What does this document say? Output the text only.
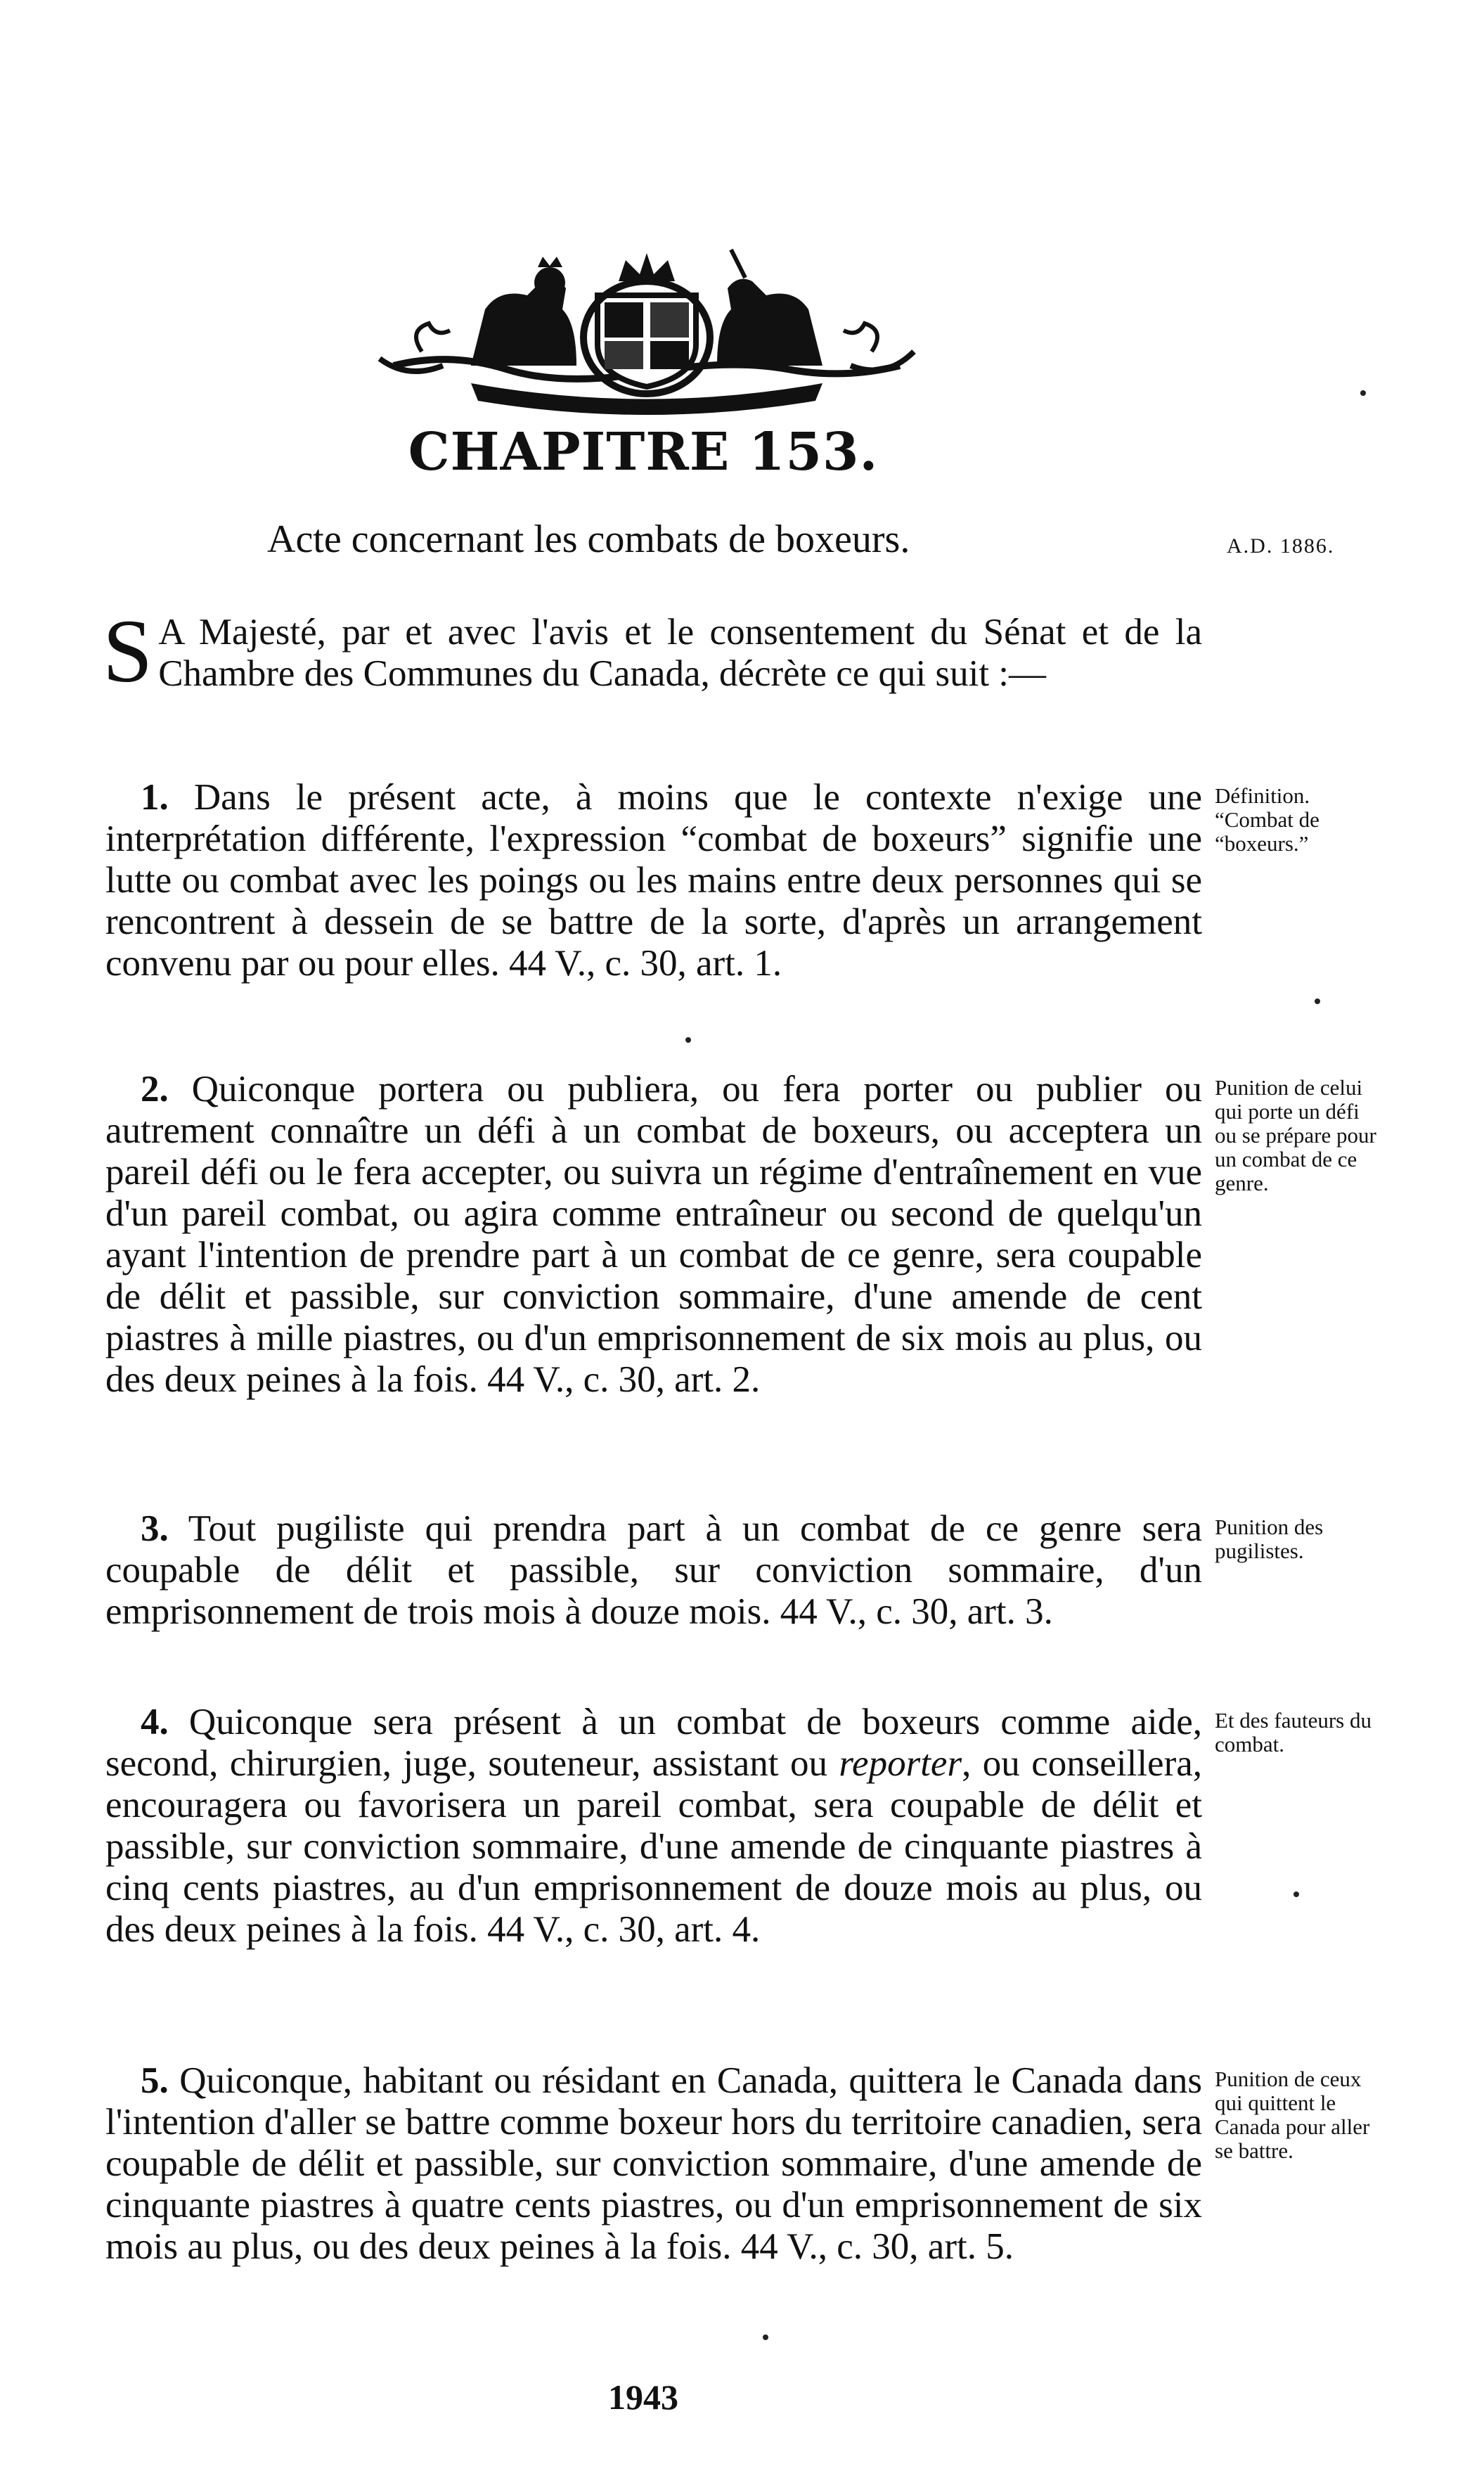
CHAPITRE 153.
Acte concernant les combats de boxeurs.	A.D. 1886.
S A Majesté, par et avec l'avis et le consentement du Sénat et de la Chambre des Communes du Canada, décrète ce qui suit :—
1. Dans le présent acte, à moins que le contexte n'exige une interprétation différente, l'expression “combat de boxeurs” signifie une lutte ou combat avec les poings ou les mains entre deux personnes qui se rencontrent à dessein de se battre de la sorte, d'après un arrangement convenu par ou pour elles. 44 V., c. 30, art. 1.
Définition. “Combat de “boxeurs.”
2. Quiconque portera ou publiera, ou fera porter ou publier ou autrement connaître un défi à un combat de boxeurs, ou acceptera un pareil défi ou le fera accepter, ou suivra un régime d'entraînement en vue d'un pareil combat, ou agira comme entraîneur ou second de quelqu'un ayant l'intention de prendre part à un combat de ce genre, sera coupable de délit et passible, sur conviction sommaire, d'une amende de cent piastres à mille piastres, ou d'un emprisonnement de six mois au plus, ou des deux peines à la fois. 44 V., c. 30, art. 2.
Punition de celui qui porte un défi ou se prépare pour un combat de ce genre.
3. Tout pugiliste qui prendra part à un combat de ce genre sera coupable de délit et passible, sur conviction sommaire, d'un emprisonnement de trois mois à douze mois. 44 V., c. 30, art. 3.
Punition des pugilistes.
4. Quiconque sera présent à un combat de boxeurs comme aide, second, chirurgien, juge, souteneur, assistant ou reporter, ou conseillera, encouragera ou favorisera un pareil combat, sera coupable de délit et passible, sur conviction sommaire, d'une amende de cinquante piastres à cinq cents piastres, au d'un emprisonnement de douze mois au plus, ou des deux peines à la fois. 44 V., c. 30, art. 4.
Et des fauteurs du combat.
5. Quiconque, habitant ou résidant en Canada, quittera le Canada dans l'intention d'aller se battre comme boxeur hors du territoire canadien, sera coupable de délit et passible, sur conviction sommaire, d'une amende de cinquante piastres à quatre cents piastres, ou d'un emprisonnement de six mois au plus, ou des deux peines à la fois. 44 V., c. 30, art. 5.
Punition de ceux qui quittent le Canada pour aller se battre.
1943
